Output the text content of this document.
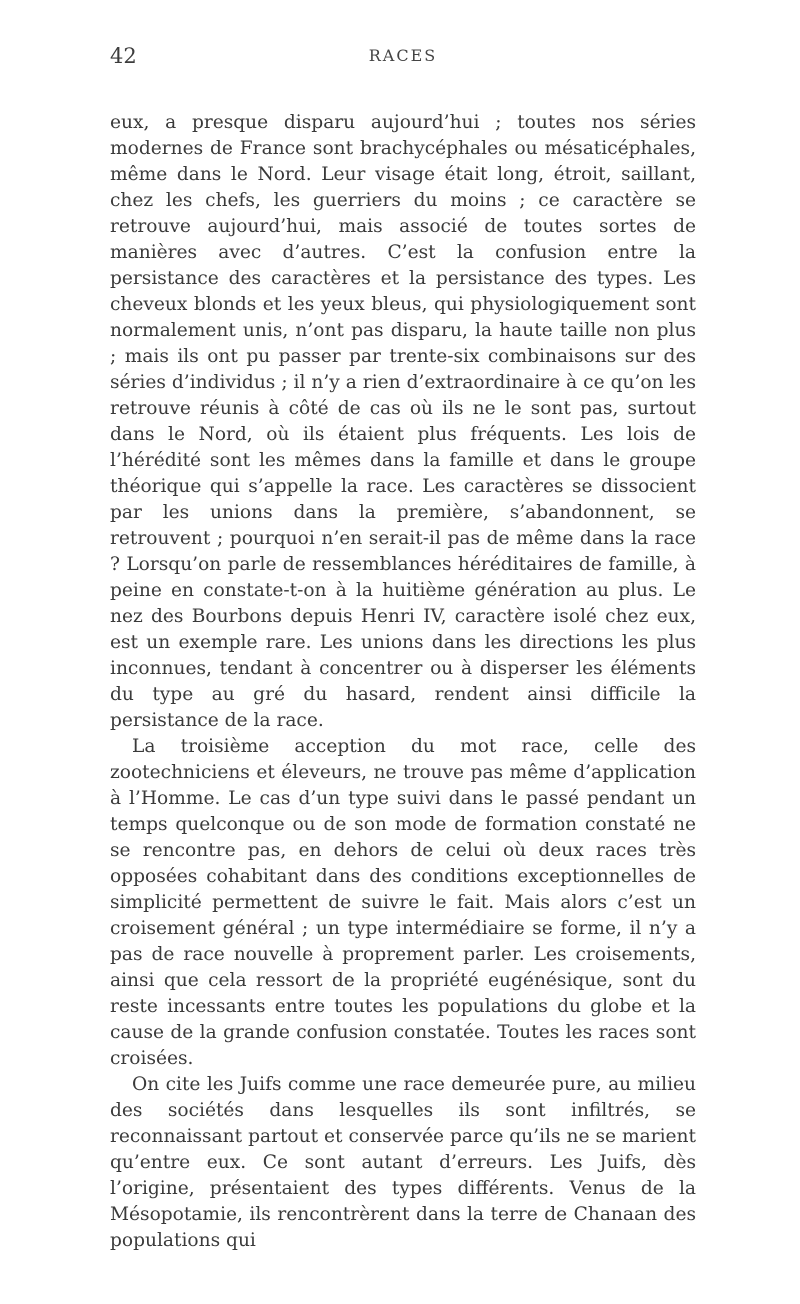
42	RACES

eux, a presque disparu aujourd’hui ; toutes nos séries modernes de France sont brachycéphales ou mésaticéphales, même dans le Nord. Leur visage était long, étroit, saillant, chez les chefs, les guerriers du moins ; ce caractère se retrouve aujourd’hui, mais associé de toutes sortes de manières avec d’autres. C’est la confusion entre la persistance des caractères et la persistance des types. Les cheveux blonds et les yeux bleus, qui physiologiquement sont normalement unis, n’ont pas disparu, la haute taille non plus ; mais ils ont pu passer par trente-six combinaisons sur des séries d’individus ; il n’y a rien d’extraordinaire à ce qu’on les retrouve réunis à côté de cas où ils ne le sont pas, surtout dans le Nord, où ils étaient plus fréquents. Les lois de l’hérédité sont les mêmes dans la famille et dans le groupe théorique qui s’appelle la race. Les caractères se dissocient par les unions dans la première, s’abandonnent, se retrouvent ; pourquoi n’en serait-il pas de même dans la race ? Lorsqu’on parle de ressemblances héréditaires de famille, à peine en constate-t-on à la huitième génération au plus. Le nez des Bourbons depuis Henri IV, caractère isolé chez eux, est un exemple rare. Les unions dans les directions les plus inconnues, tendant à concentrer ou à disperser les éléments du type au gré du hasard, rendent ainsi difficile la persistance de la race.

La troisième acception du mot race, celle des zootechniciens et éleveurs, ne trouve pas même d’application à l’Homme. Le cas d’un type suivi dans le passé pendant un temps quelconque ou de son mode de formation constaté ne se rencontre pas, en dehors de celui où deux races très opposées cohabitant dans des conditions exceptionnelles de simplicité permettent de suivre le fait. Mais alors c’est un croisement général ; un type intermédiaire se forme, il n’y a pas de race nouvelle à proprement parler. Les croisements, ainsi que cela ressort de la propriété eugénésique, sont du reste incessants entre toutes les populations du globe et la cause de la grande confusion constatée. Toutes les races sont croisées.

On cite les Juifs comme une race demeurée pure, au milieu des sociétés dans lesquelles ils sont infiltrés, se reconnaissant partout et conservée parce qu’ils ne se marient qu’entre eux. Ce sont autant d’erreurs. Les Juifs, dès l’origine, présentaient des types différents. Venus de la Mésopotamie, ils rencontrèrent dans la terre de Chanaan des populations qui
